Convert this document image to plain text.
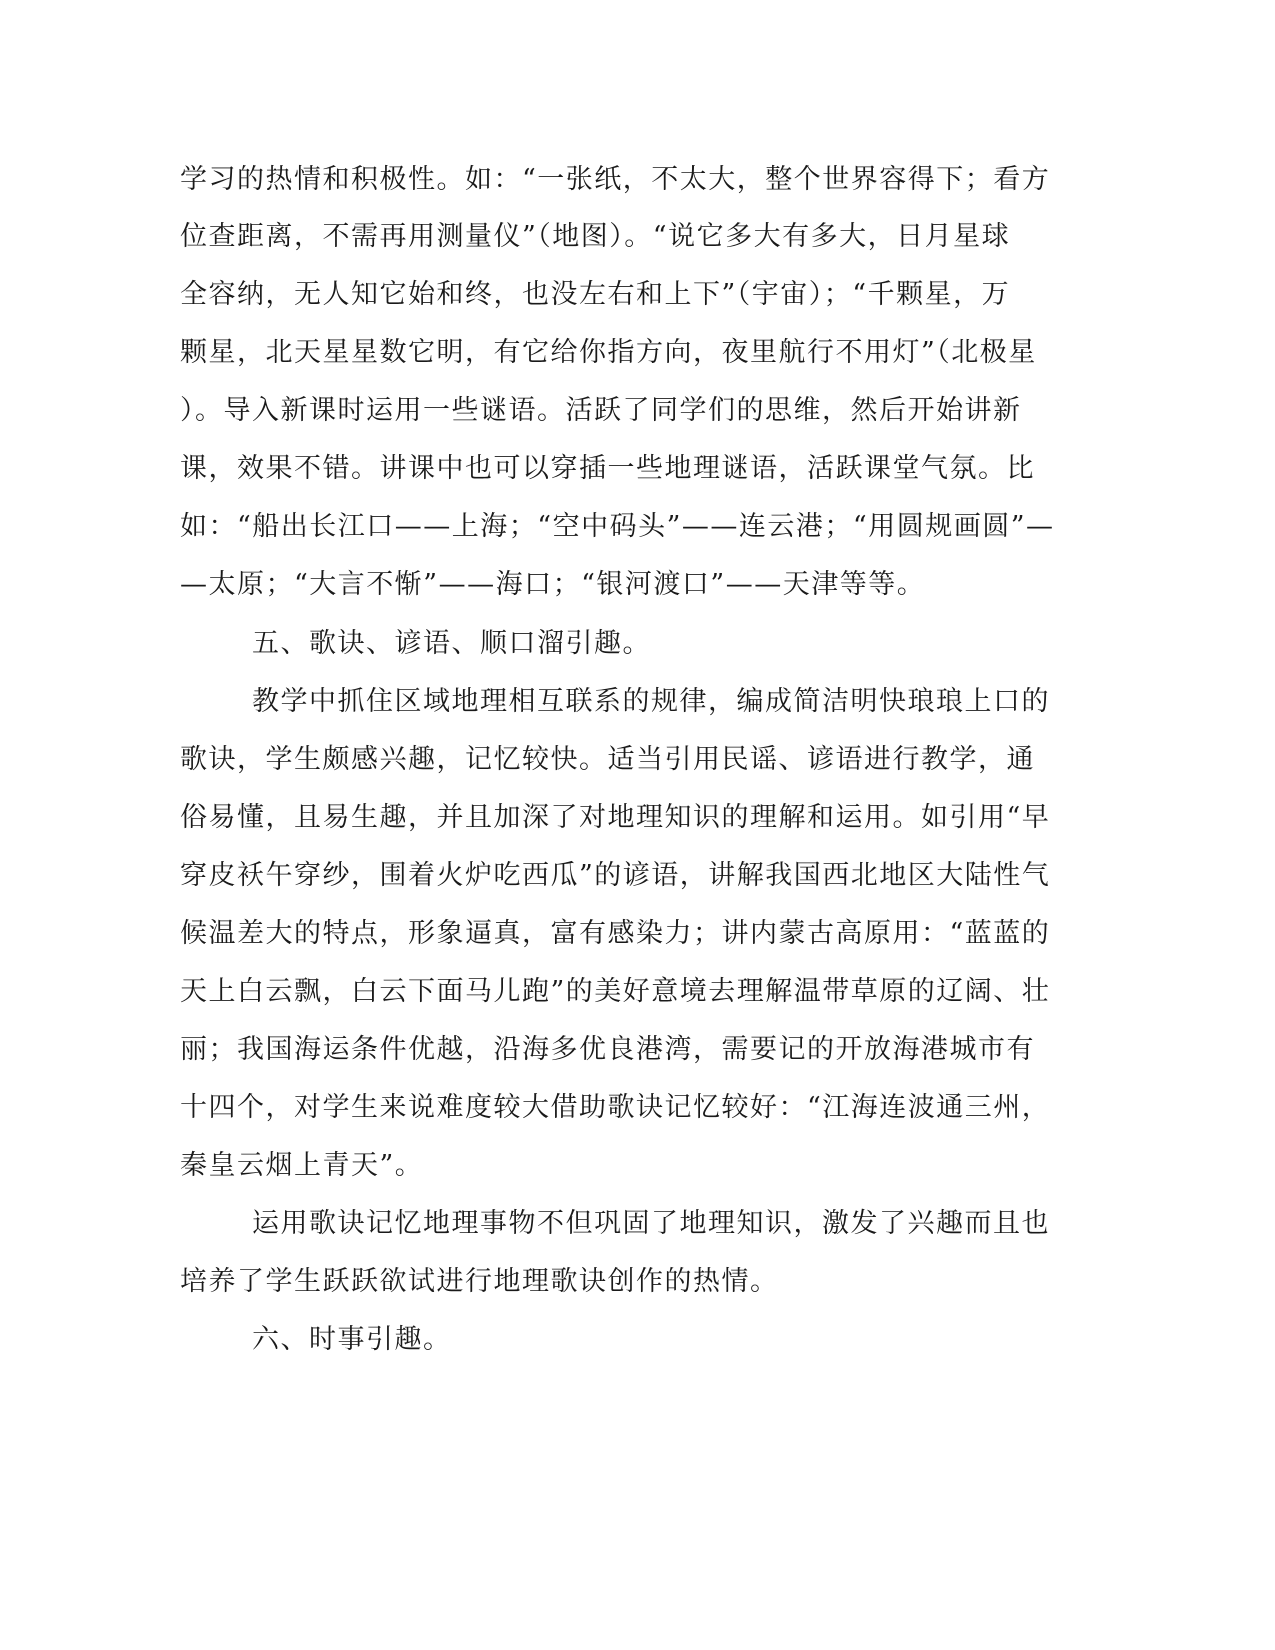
学习的热情和积极性。如：“一张纸，不太大，整个世界容得下；看方
位查距离，不需再用测量仪”（地图）。“说它多大有多大，日月星球
全容纳，无人知它始和终，也没左右和上下”（宇宙）；“千颗星，万
颗星，北天星星数它明，有它给你指方向，夜里航行不用灯”（北极星
）。导入新课时运用一些谜语。活跃了同学们的思维，然后开始讲新
课，效果不错。讲课中也可以穿插一些地理谜语，活跃课堂气氛。比
如：“船出长江口——上海；“空中码头”——连云港；“用圆规画圆”—
—太原；“大言不惭”——海口；“银河渡口”——天津等等。
五、歌诀、谚语、顺口溜引趣。
教学中抓住区域地理相互联系的规律，编成简洁明快琅琅上口的
歌诀，学生颇感兴趣，记忆较快。适当引用民谣、谚语进行教学，通
俗易懂，且易生趣，并且加深了对地理知识的理解和运用。如引用“早
穿皮袄午穿纱，围着火炉吃西瓜”的谚语，讲解我国西北地区大陆性气
候温差大的特点，形象逼真，富有感染力；讲内蒙古高原用：“蓝蓝的
天上白云飘，白云下面马儿跑”的美好意境去理解温带草原的辽阔、壮
丽；我国海运条件优越，沿海多优良港湾，需要记的开放海港城市有
十四个，对学生来说难度较大借助歌诀记忆较好：“江海连波通三州，
秦皇云烟上青天”。
运用歌诀记忆地理事物不但巩固了地理知识，激发了兴趣而且也
培养了学生跃跃欲试进行地理歌诀创作的热情。
六、时事引趣。
